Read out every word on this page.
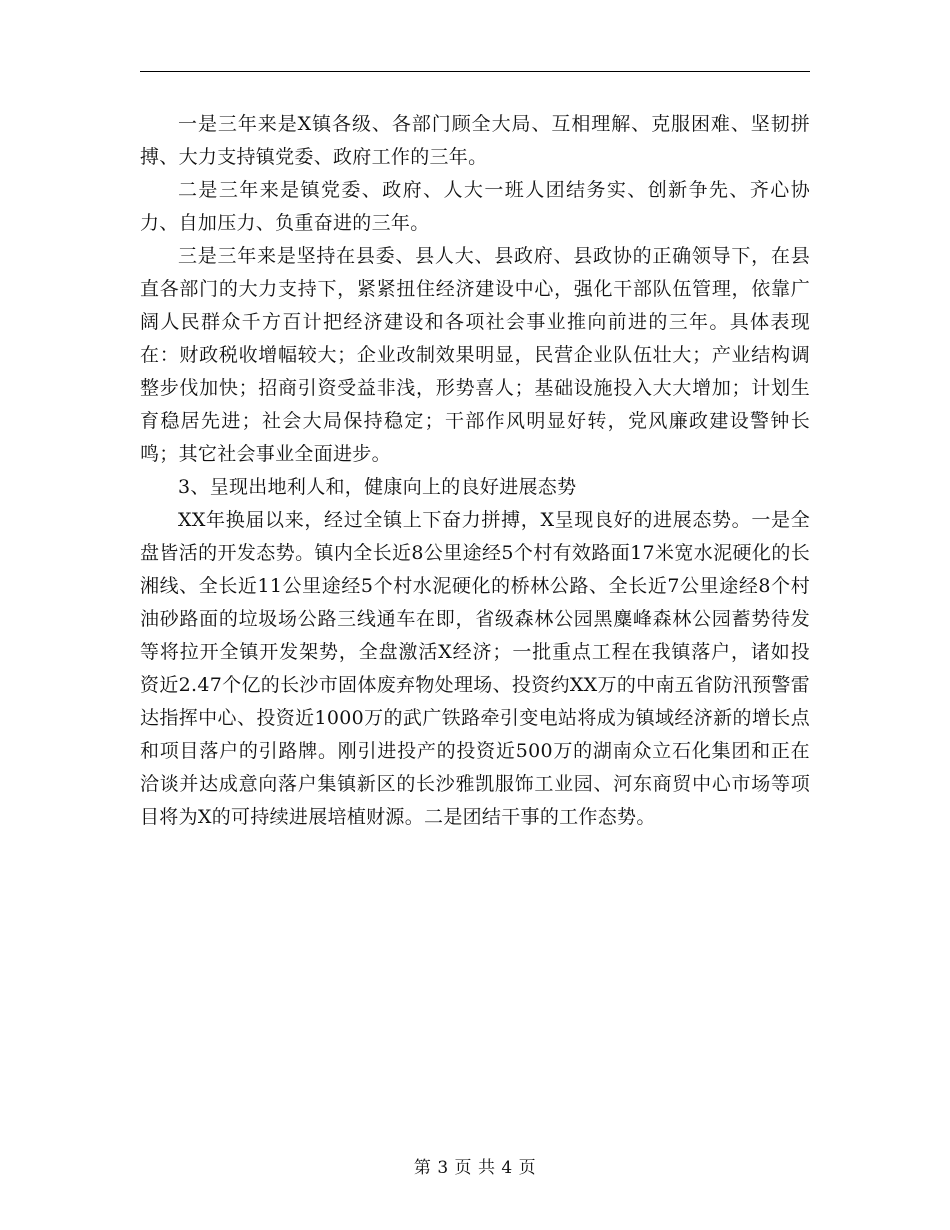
一是三年来是X镇各级、各部门顾全大局、互相理解、克服困难、坚韧拼搏、大力支持镇党委、政府工作的三年。

二是三年来是镇党委、政府、人大一班人团结务实、创新争先、齐心协力、自加压力、负重奋进的三年。

三是三年来是坚持在县委、县人大、县政府、县政协的正确领导下，在县直各部门的大力支持下，紧紧扭住经济建设中心，强化干部队伍管理，依靠广阔人民群众千方百计把经济建设和各项社会事业推向前进的三年。具体表现在：财政税收增幅较大；企业改制效果明显，民营企业队伍壮大；产业结构调整步伐加快；招商引资受益非浅，形势喜人；基础设施投入大大增加；计划生育稳居先进；社会大局保持稳定；干部作风明显好转，党风廉政建设警钟长鸣；其它社会事业全面进步。

3、呈现出地利人和，健康向上的良好进展态势

XX年换届以来，经过全镇上下奋力拼搏，X呈现良好的进展态势。一是全盘皆活的开发态势。镇内全长近8公里途经5个村有效路面17米宽水泥硬化的长湘线、全长近11公里途经5个村水泥硬化的桥林公路、全长近7公里途经8个村油砂路面的垃圾场公路三线通车在即，省级森林公园黑麋峰森林公园蓄势待发等将拉开全镇开发架势，全盘激活X经济；一批重点工程在我镇落户，诸如投资近2.47个亿的长沙市固体废弃物处理场、投资约XX万的中南五省防汛预警雷达指挥中心、投资近1000万的武广铁路牵引变电站将成为镇域经济新的增长点和项目落户的引路牌。刚引进投产的投资近500万的湖南众立石化集团和正在洽谈并达成意向落户集镇新区的长沙雅凯服饰工业园、河东商贸中心市场等项目将为X的可持续进展培植财源。二是团结干事的工作态势。

第 3 页 共 4 页
